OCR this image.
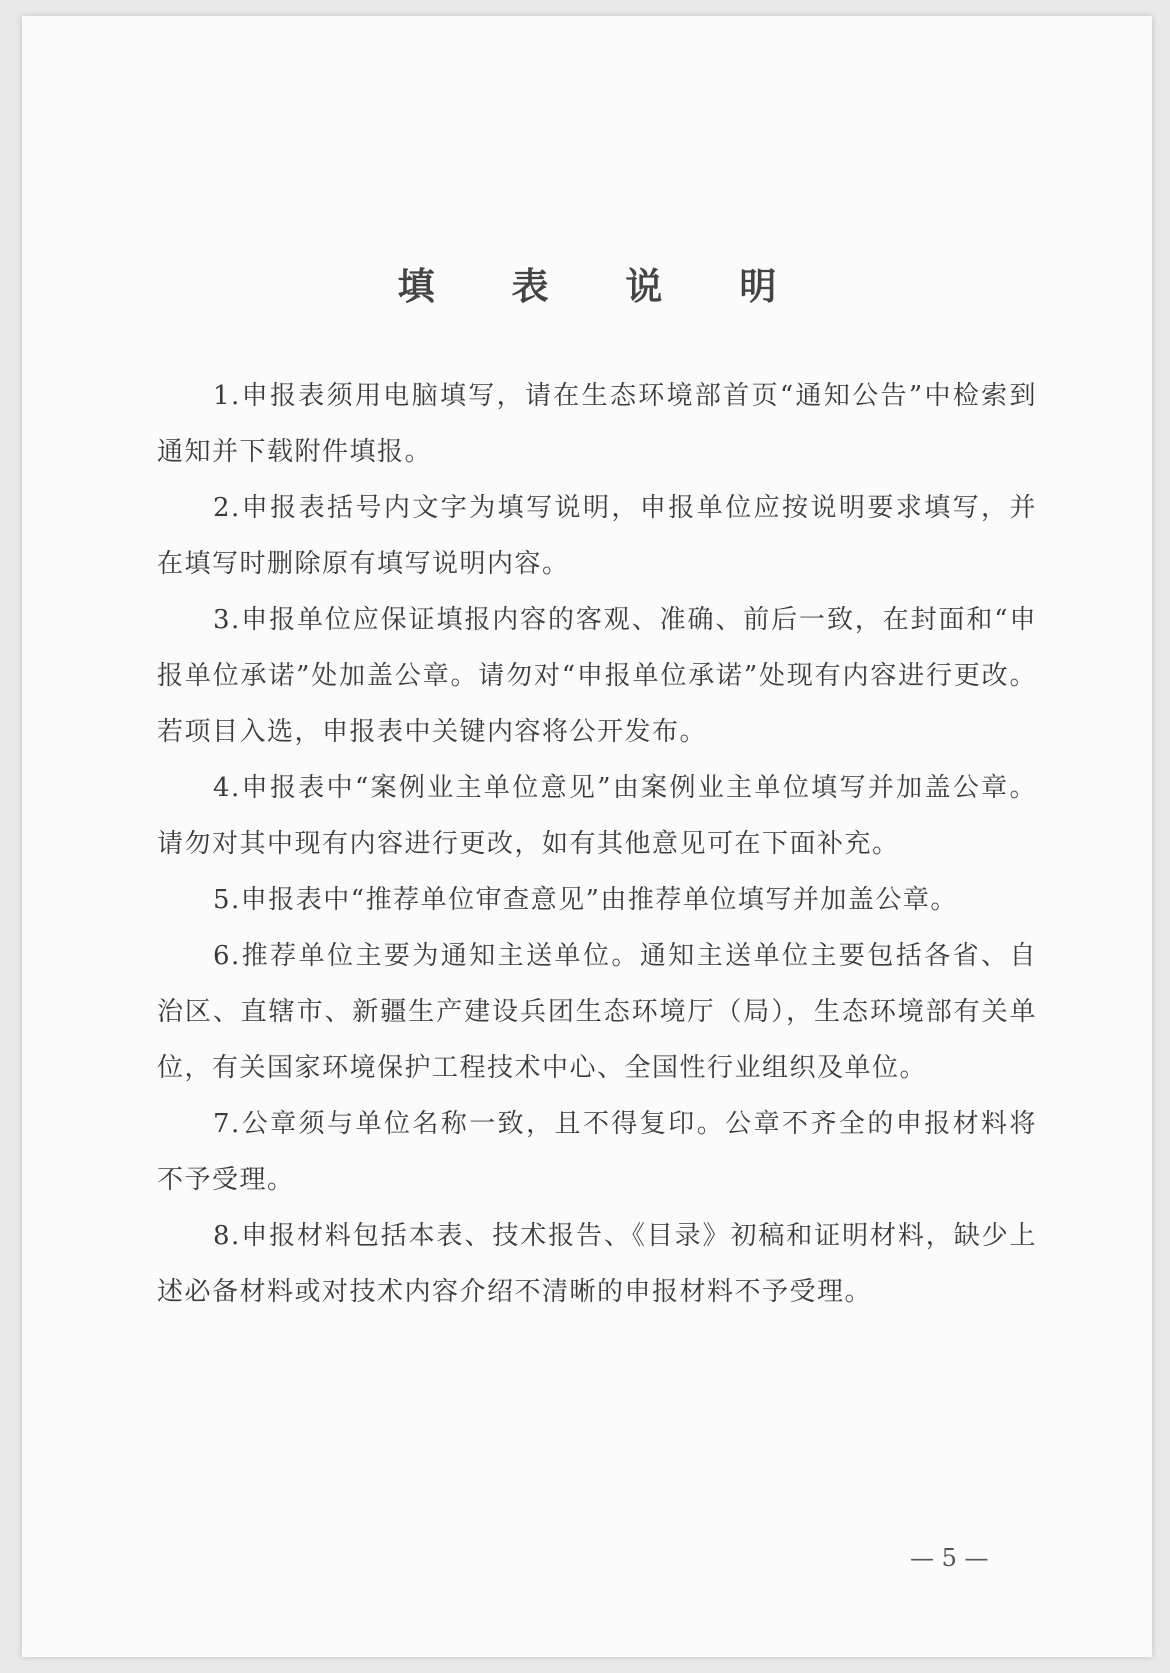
填 表 说 明

1.申报表须用电脑填写，请在生态环境部首页“通知公告”中检索到通知并下载附件填报。

2.申报表括号内文字为填写说明，申报单位应按说明要求填写，并在填写时删除原有填写说明内容。

3.申报单位应保证填报内容的客观、准确、前后一致，在封面和“申报单位承诺”处加盖公章。请勿对“申报单位承诺”处现有内容进行更改。若项目入选，申报表中关键内容将公开发布。

4.申报表中“案例业主单位意见”由案例业主单位填写并加盖公章。请勿对其中现有内容进行更改，如有其他意见可在下面补充。

5.申报表中“推荐单位审查意见”由推荐单位填写并加盖公章。

6.推荐单位主要为通知主送单位。通知主送单位主要包括各省、自治区、直辖市、新疆生产建设兵团生态环境厅（局），生态环境部有关单位，有关国家环境保护工程技术中心、全国性行业组织及单位。

7.公章须与单位名称一致，且不得复印。公章不齐全的申报材料将不予受理。

8.申报材料包括本表、技术报告、《目录》初稿和证明材料，缺少上述必备材料或对技术内容介绍不清晰的申报材料不予受理。

— 5 —
